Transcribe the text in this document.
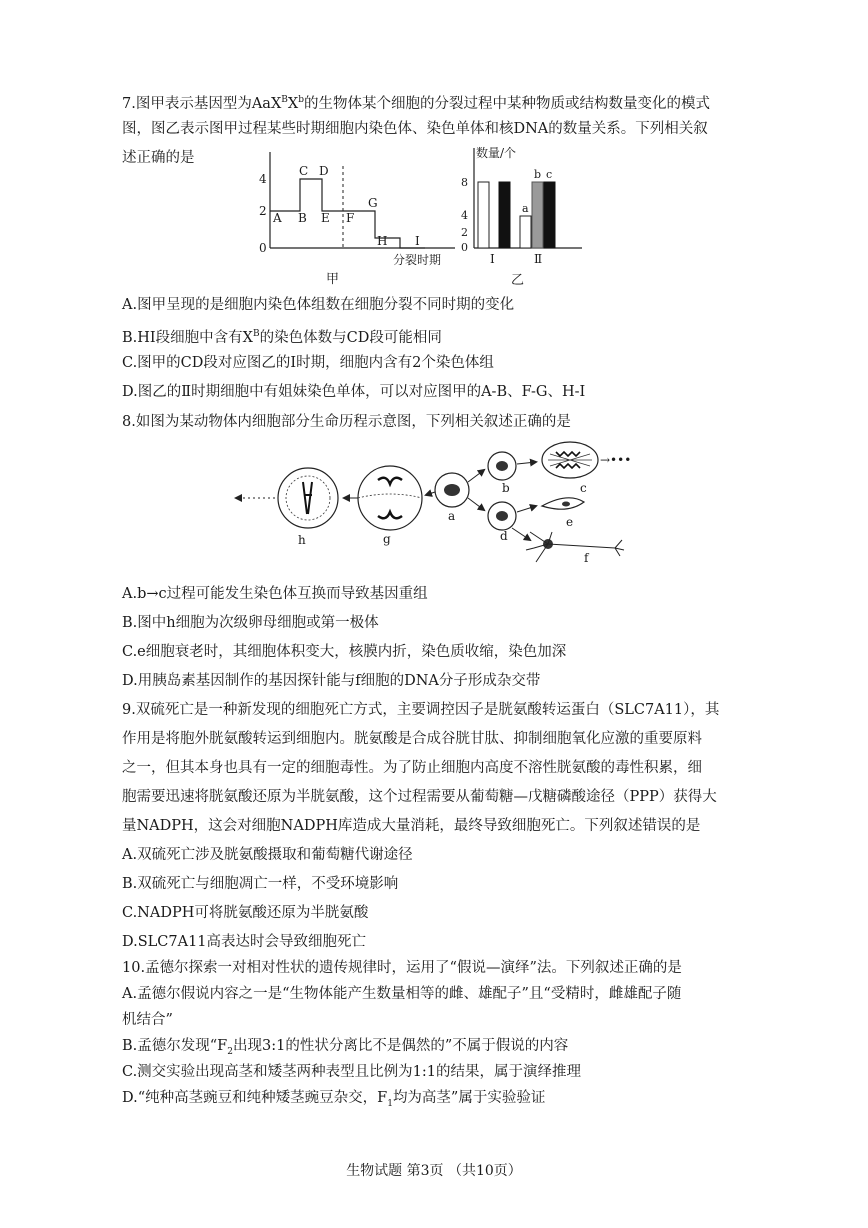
7.图甲表示基因型为$AaX^BX^b$的生物体某个细胞的分裂过程中某种物质或结构数量变化的模式
图，图乙表示图甲过程某些时期细胞内染色体、染色单体和核DNA的数量关系。下列相关叙
述正确的是
4
2
0
A B
C D
E F
G
H I
分裂时期
甲
数量/个
8
4
2
0
a
b c
Ⅰ	Ⅱ
乙
A.图甲呈现的是细胞内染色体组数在细胞分裂不同时期的变化
B.HI段细胞中含有$X^B$的染色体数与CD段可能相同
C.图甲的CD段对应图乙的Ⅰ时期，细胞内含有2个染色体组
D.图乙的Ⅱ时期细胞中有姐妹染色单体，可以对应图甲的A-B、F-G、H-I
8.如图为某动物体内细胞部分生命历程示意图，下列相关叙述正确的是
→•••
h	g
a
b	c
d
e
f
A.b→c过程可能发生染色体互换而导致基因重组
B.图中h细胞为次级卵母细胞或第一极体
C.e细胞衰老时，其细胞体积变大，核膜内折，染色质收缩，染色加深
D.用胰岛素基因制作的基因探针能与f细胞的DNA分子形成杂交带
9.双硫死亡是一种新发现的细胞死亡方式，主要调控因子是胱氨酸转运蛋白（SLC7A11），其
作用是将胞外胱氨酸转运到细胞内。胱氨酸是合成谷胱甘肽、抑制细胞氧化应激的重要原料
之一，但其本身也具有一定的细胞毒性。为了防止细胞内高度不溶性胱氨酸的毒性积累，细
胞需要迅速将胱氨酸还原为半胱氨酸，这个过程需要从葡萄糖—戊糖磷酸途径（PPP）获得大
量NADPH，这会对细胞NADPH库造成大量消耗，最终导致细胞死亡。下列叙述错误的是
A.双硫死亡涉及胱氨酸摄取和葡萄糖代谢途径
B.双硫死亡与细胞凋亡一样，不受环境影响
C.NADPH可将胱氨酸还原为半胱氨酸
D.SLC7A11高表达时会导致细胞死亡
10.孟德尔探索一对相对性状的遗传规律时，运用了“假说—演绎”法。下列叙述正确的是
A.孟德尔假说内容之一是“生物体能产生数量相等的雌、雄配子”且“受精时，雌雄配子随
机结合”
B.孟德尔发现“$F_2$出现3:1的性状分离比不是偶然的”不属于假说的内容
C.测交实验出现高茎和矮茎两种表型且比例为1:1的结果，属于演绎推理
D.“纯种高茎豌豆和纯种矮茎豌豆杂交，$F_1$均为高茎”属于实验验证
生物试题 第3页 （共10页）
